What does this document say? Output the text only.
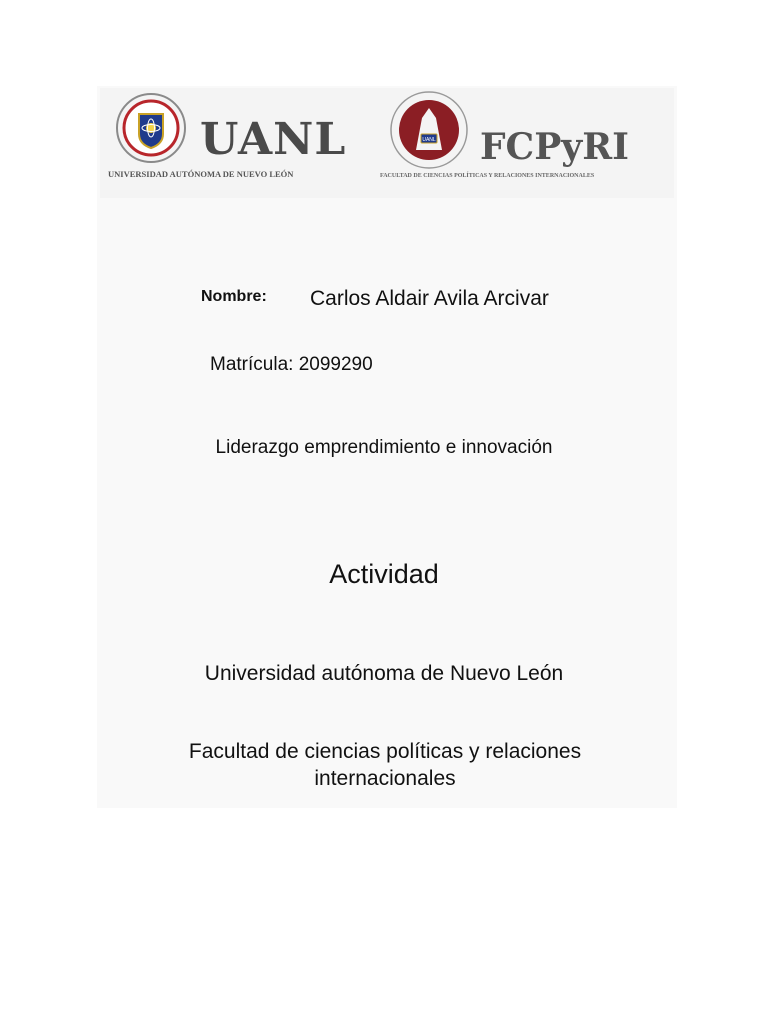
UANL
UNIVERSIDAD AUTÓNOMA DE NUEVO LEÓN
UANL FCPyRI
FACULTAD DE CIENCIAS POLÍTICAS Y RELACIONES INTERNACIONALES
Nombre: Carlos Aldair Avila Arcivar
Matrícula: 2099290
Liderazgo emprendimiento e innovación
Actividad
Universidad autónoma de Nuevo León
Facultad de ciencias políticas y relaciones internacionales
